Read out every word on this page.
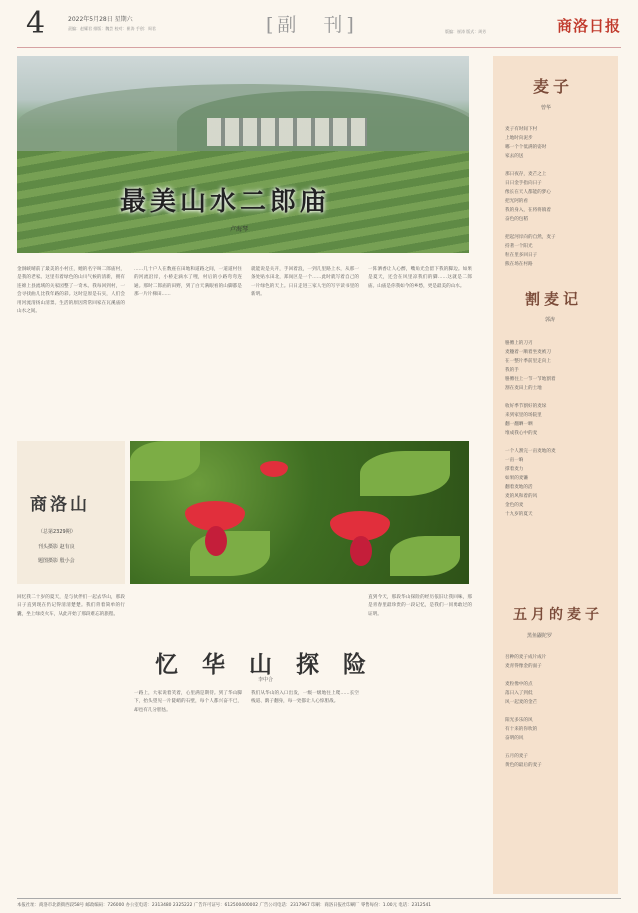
4	2022年5月28日 星期六
责编：赵耀君 排版：魏芸 校对：崔涛 手创：周君	[副　刊]	版编：崔涛 版式：周芳	商洛日报
最美山水二郎庙
卢海琴
金洞峡晴前了最美的小村庄，她的名字叫二郎庙村，是我的老家。这里有着绿色的山川气候的清新，拥有连绵上县流域的关家园整了一奇木。我每回到村，一会寻找曲儿比我年路的彩。这时是原是石实，人们会用河流清扬山清景。生活的原因常常回家在瓦溪庙的山水之间。
……几十户人在数座在田地和道路之间，一道道村住的河流沿岸，小桥走滴水了哩，村后的小路弯弯连通。那时二郎庙的田野，到了白天满眼看的山脚都是那一片片梯田……
就能说是关开，手回着浪，一到几里路上水，从那一条处贴水田北，郑岗区是一个……此时就写着自己的一片绿色的天上。日日走进三家人宅的写字读书里的新明。
一阵洒香让人心醉，嘴角光会留下我的脚边。如果是夏天，还会在风里凉我们的脚……这就是二郎庙。山庙是你我如今的乡愁，更是最美的山水。
商洛山
（总第2329期）
刊头摄影 赵有良
题图摄影 殷小会
回忆我二十岁的夏天，是与伙伴们一起去华山，那段日子直到现在仍记得清清楚楚。我们背着简单的行囊，坐上绿皮火车，从此开始了那段难忘的旅程。
忆 华 山 探 险
李中合
一路上，大家说着笑着，心里满是期待。到了华山脚下，抬头望见一片陡峭的石壁，每个人都兴奋不已，却也有几分胆怯。
我们从华山的入口出发，一级一级地往上爬……长空栈道、鹞子翻身，每一处都让人心惊胆战。
直到今天，那段华山探险的经历依旧让我回味，那是青春里最珍贵的一段记忆，是我们一同勇敢过的证明。
麦子
曾华
麦子有时间下村
上地时向泥步
哪一个个低满的姿时
家去的送
那日夜存，麦芒之上
日日金手指向日子
像长在天人都能的梦心
把光阿的看
我的身入，在将将镇着
奋色的包稻
把起河岸向的自然，麦子
持著一个阳光
粒在里多回日子
熊在场在村路
割麦记
郭涛
胳膊上的刀刃
麦穗着一顺着坐麦被刀
在一整片季前里走向上
我的手
胳膊往上一节一节地割着
割在麦田上的土地
收好季节割好的麦垛
来到家里的场院里
翻一翻晒一晒
堆成我心中的麦
一个人割完一亩麦地的麦
一亩一晌
撑着麦力
如果的麦镰
翻着麦地的活
麦的风和着的风
金色的麦
十九岁的夏天
五月的麦子
黑鱼鼹陀罗
吾种的麦子成片成片
麦青得像金的面子
麦粒像中的点
落日入了到低
风一起麦的金芒
阳光多乐的风
有十来的你吹的
奋明的风
五月的麦子
黄色的最后的麦子
本报社址：商洛市北新街西段58号 邮政编码：726000 办公室电话：2313480 2325222 广告许可证号：612500400002 广告公司电话：2317967 印刷：商洛日报社印刷厂 零售每份：1.00元 电话：2312541
